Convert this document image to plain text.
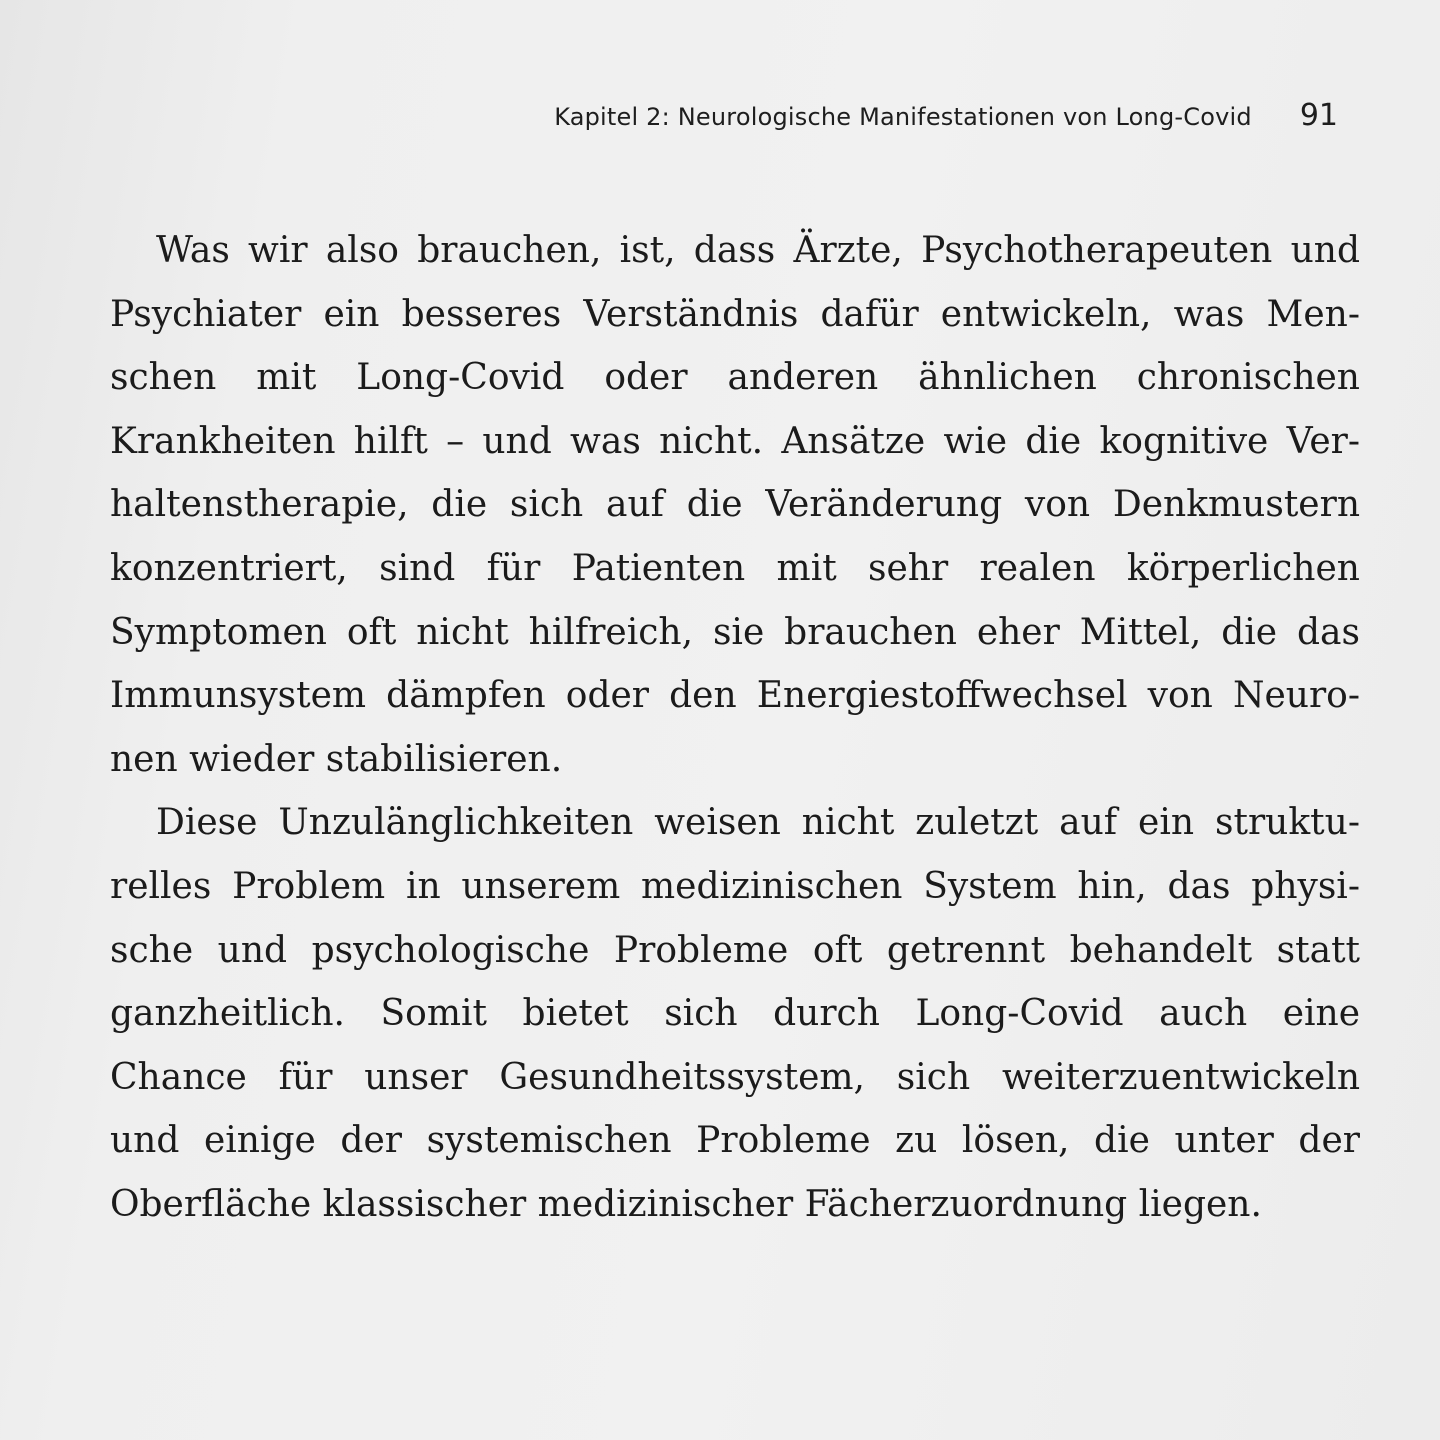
Kapitel 2: Neurologische Manifestationen von Long-Covid 91

Was wir also brauchen, ist, dass Ärzte, Psychotherapeuten und
Psychiater ein besseres Verständnis dafür entwickeln, was Men-
schen mit Long-Covid oder anderen ähnlichen chronischen
Krankheiten hilft – und was nicht. Ansätze wie die kognitive Ver-
haltenstherapie, die sich auf die Veränderung von Denkmustern
konzentriert, sind für Patienten mit sehr realen körperlichen
Symptomen oft nicht hilfreich, sie brauchen eher Mittel, die das
Immunsystem dämpfen oder den Energiestoffwechsel von Neuro-
nen wieder stabilisieren.

Diese Unzulänglichkeiten weisen nicht zuletzt auf ein struktu-
relles Problem in unserem medizinischen System hin, das physi-
sche und psychologische Probleme oft getrennt behandelt statt
ganzheitlich. Somit bietet sich durch Long-Covid auch eine
Chance für unser Gesundheitssystem, sich weiterzuentwickeln
und einige der systemischen Probleme zu lösen, die unter der
Oberfläche klassischer medizinischer Fächerzuordnung liegen.
